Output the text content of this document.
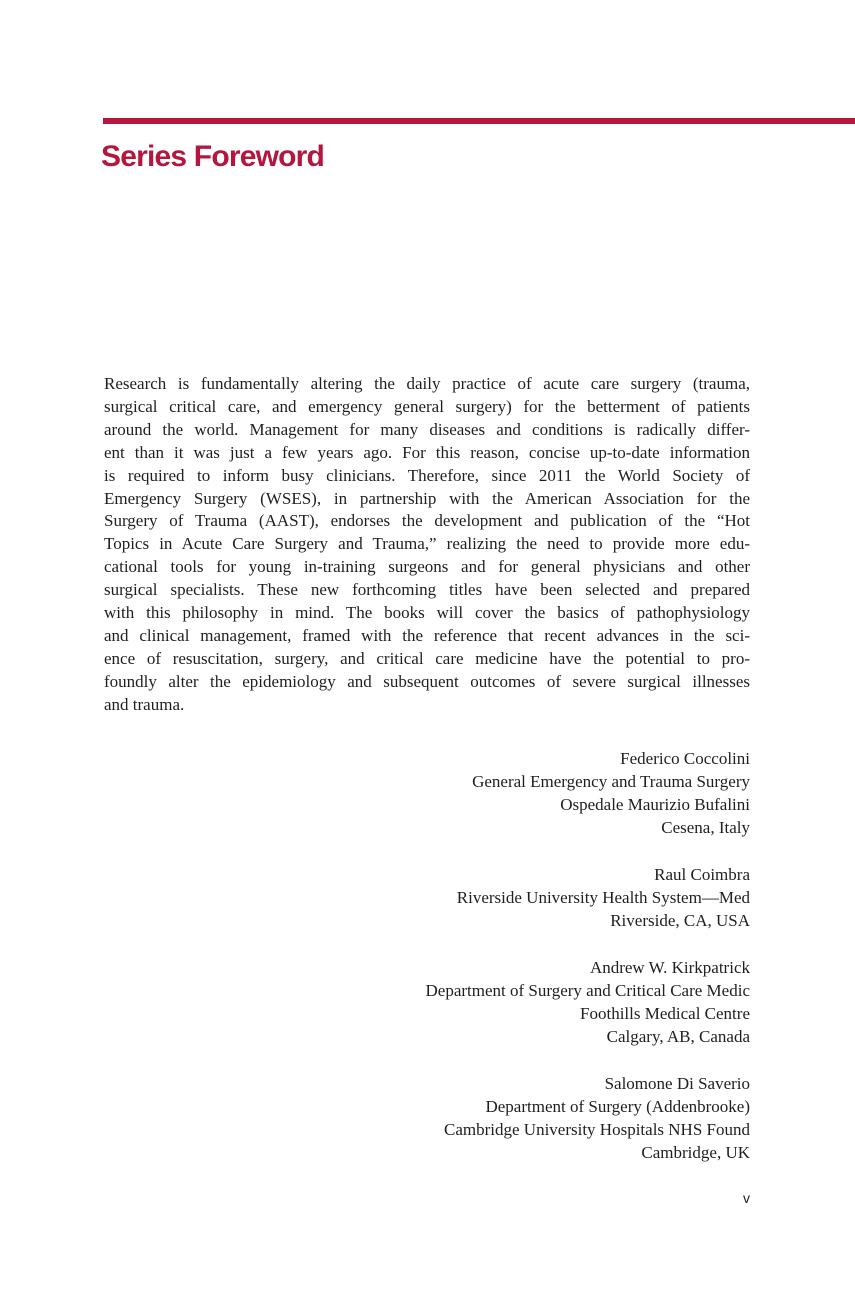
Series Foreword
Research is fundamentally altering the daily practice of acute care surgery (trauma,
surgical critical care, and emergency general surgery) for the betterment of patients
around the world. Management for many diseases and conditions is radically differ-
ent than it was just a few years ago. For this reason, concise up-to-date information
is required to inform busy clinicians. Therefore, since 2011 the World Society of
Emergency Surgery (WSES), in partnership with the American Association for the
Surgery of Trauma (AAST), endorses the development and publication of the “Hot
Topics in Acute Care Surgery and Trauma,” realizing the need to provide more edu-
cational tools for young in-training surgeons and for general physicians and other
surgical specialists. These new forthcoming titles have been selected and prepared
with this philosophy in mind. The books will cover the basics of pathophysiology
and clinical management, framed with the reference that recent advances in the sci-
ence of resuscitation, surgery, and critical care medicine have the potential to pro-
foundly alter the epidemiology and subsequent outcomes of severe surgical illnesses
and trauma.
Federico Coccolini
General Emergency and Trauma Surgery
Ospedale Maurizio Bufalini
Cesena, Italy
Raul Coimbra
Riverside University Health System—Med
Riverside, CA, USA
Andrew W. Kirkpatrick
Department of Surgery and Critical Care Medic
Foothills Medical Centre
Calgary, AB, Canada
Salomone Di Saverio
Department of Surgery (Addenbrooke)
Cambridge University Hospitals NHS Found
Cambridge, UK
v
